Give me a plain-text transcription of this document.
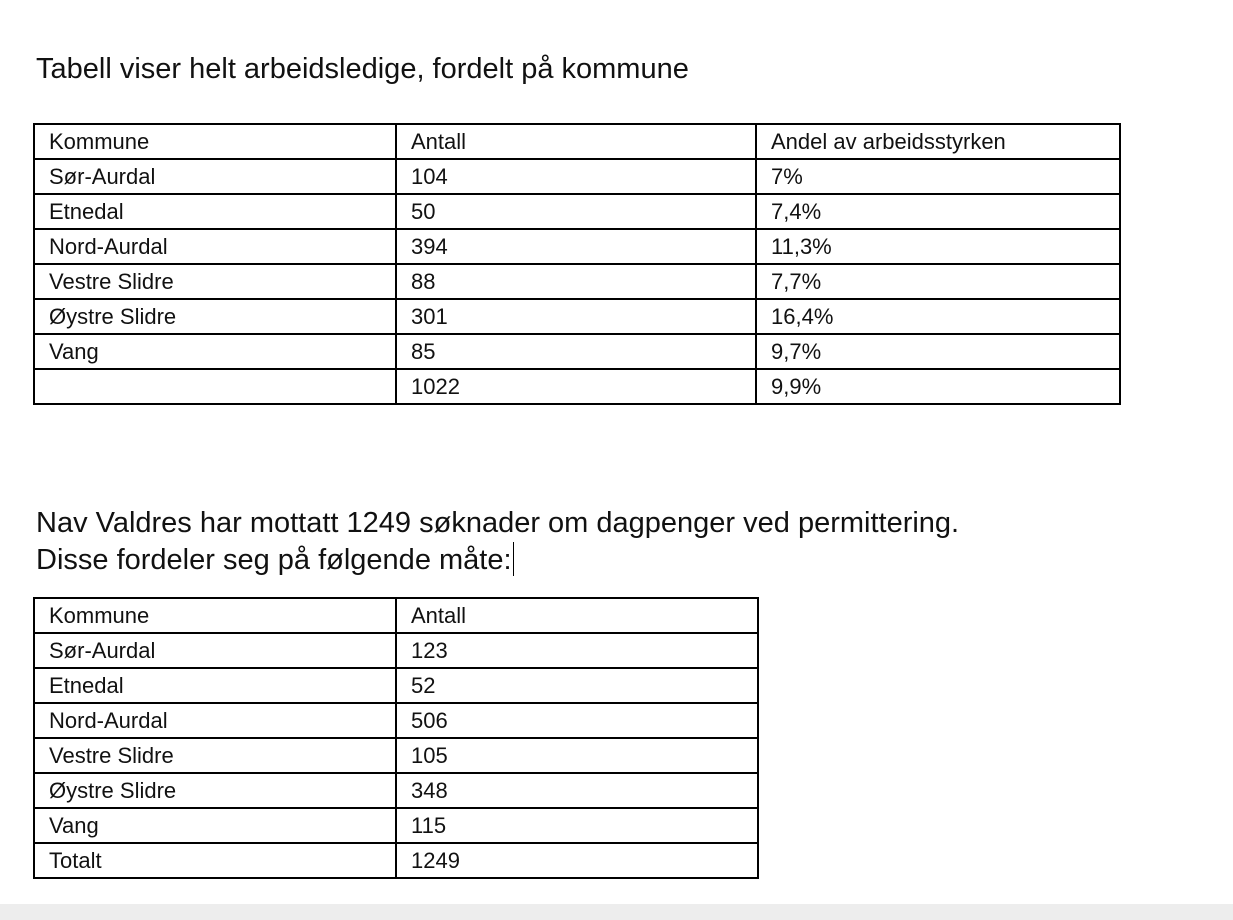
Tabell viser helt arbeidsledige, fordelt på kommune

Kommune	Antall	Andel av arbeidsstyrken
Sør-Aurdal	104	7%
Etnedal	50	7,4%
Nord-Aurdal	394	11,3%
Vestre Slidre	88	7,7%
Øystre Slidre	301	16,4%
Vang	85	9,7%
	1022	9,9%

Nav Valdres har mottatt 1249 søknader om dagpenger ved permittering.
Disse fordeler seg på følgende måte:

Kommune	Antall
Sør-Aurdal	123
Etnedal	52
Nord-Aurdal	506
Vestre Slidre	105
Øystre Slidre	348
Vang	115
Totalt	1249
